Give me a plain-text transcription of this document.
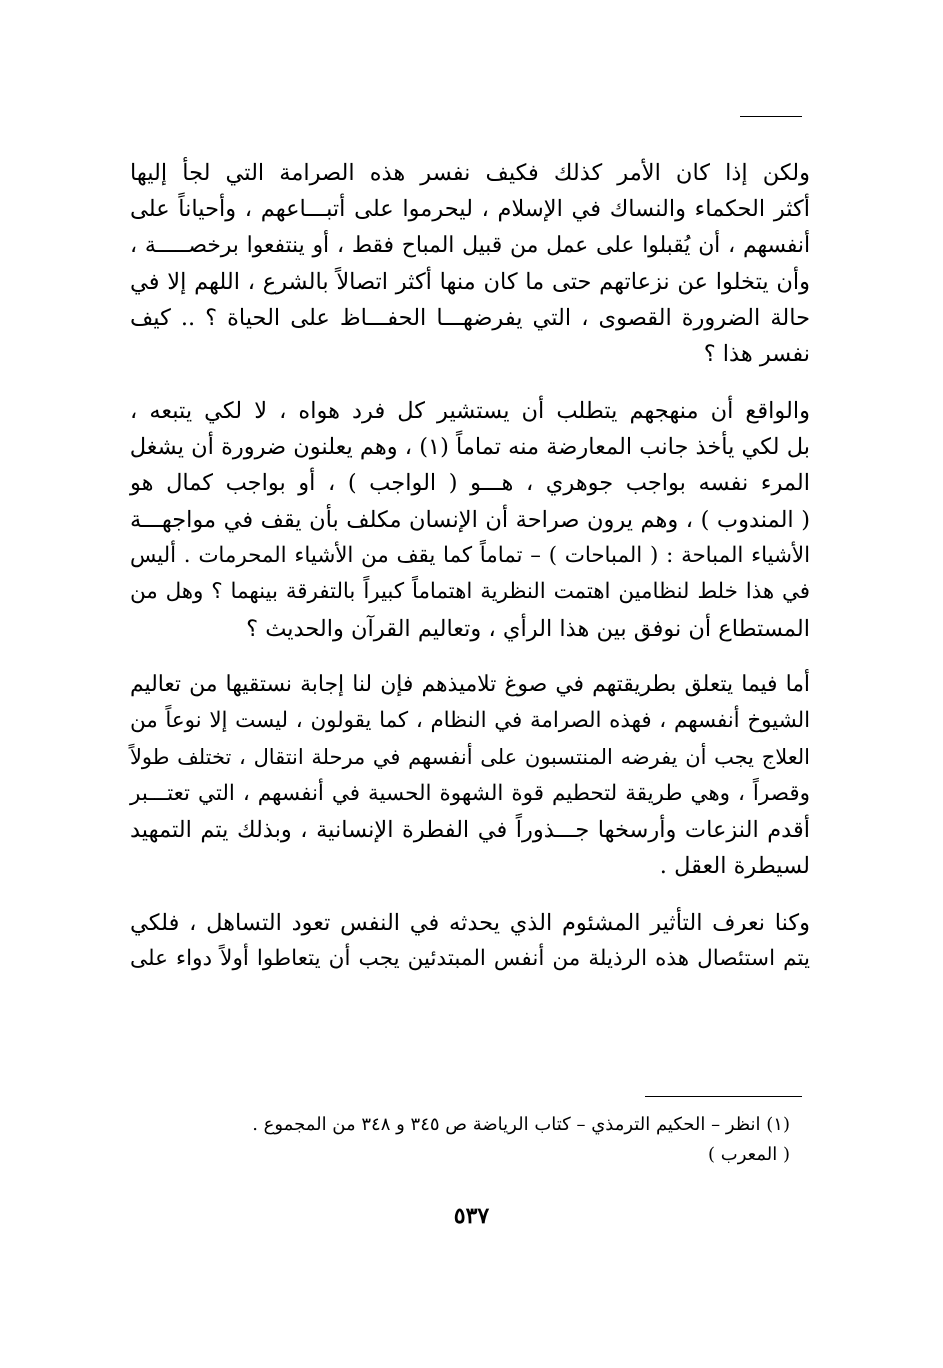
ولكن إذا كان الأمر كذلك فكيف نفسر هذه الصرامة التي لجأ إليها
أكثر الحكماء والنساك في الإسلام ، ليحرموا على أتبـــاعهم ، وأحياناً على
أنفسهم ، أن يُقبلوا على عمل من قبيل المباح فقط ، أو ينتفعوا برخصـــــة ،
وأن يتخلوا عن نزعاتهم حتى ما كان منها أكثر اتصالاً بالشرع ، اللهم إلا في
حالة الضرورة القصوى ، التي يفرضهـــا الحفـــاظ على الحياة ؟ .. كيف
نفسر هذا ؟

والواقع أن منهجهم يتطلب أن يستشير كل فرد هواه ، لا لكي يتبعه ،
بل لكي يأخذ جانب المعارضة منه تماماً (١) ، وهم يعلنون ضرورة أن يشغل
المرء نفسه بواجب جوهري ، هـــو ( الواجب ) ، أو بواجب كمال هو
( المندوب ) ، وهم يرون صراحة أن الإنسان مكلف بأن يقف في مواجهـــة
الأشياء المباحة : ( المباحات ) – تماماً كما يقف من الأشياء المحرمات . أليس
في هذا خلط لنظامين اهتمت النظرية اهتماماً كبيراً بالتفرقة بينهما ؟ وهل من
المستطاع أن نوفق بين هذا الرأي ، وتعاليم القرآن والحديث ؟

أما فيما يتعلق بطريقتهم في صوغ تلاميذهم فإن لنا إجابة نستقيها من تعاليم
الشيوخ أنفسهم ، فهذه الصرامة في النظام ، كما يقولون ، ليست إلا نوعاً من
العلاج يجب أن يفرضه المنتسبون على أنفسهم في مرحلة انتقال ، تختلف طولاً
وقصراً ، وهي طريقة لتحطيم قوة الشهوة الحسية في أنفسهم ، التي تعتـــبر
أقدم النزعات وأرسخها جـــذوراً في الفطرة الإنسانية ، وبذلك يتم التمهيد
لسيطرة العقل .

وكنا نعرف التأثير المشئوم الذي يحدثه في النفس تعود التساهل ، فلكي
يتم استئصال هذه الرذيلة من أنفس المبتدئين يجب أن يتعاطوا أولاً دواء على

(١) انظر – الحكيم الترمذي – كتاب الرياضة ص ٣٤٥ و ٣٤٨ من المجموع .
( المعرب )
٥٣٧
